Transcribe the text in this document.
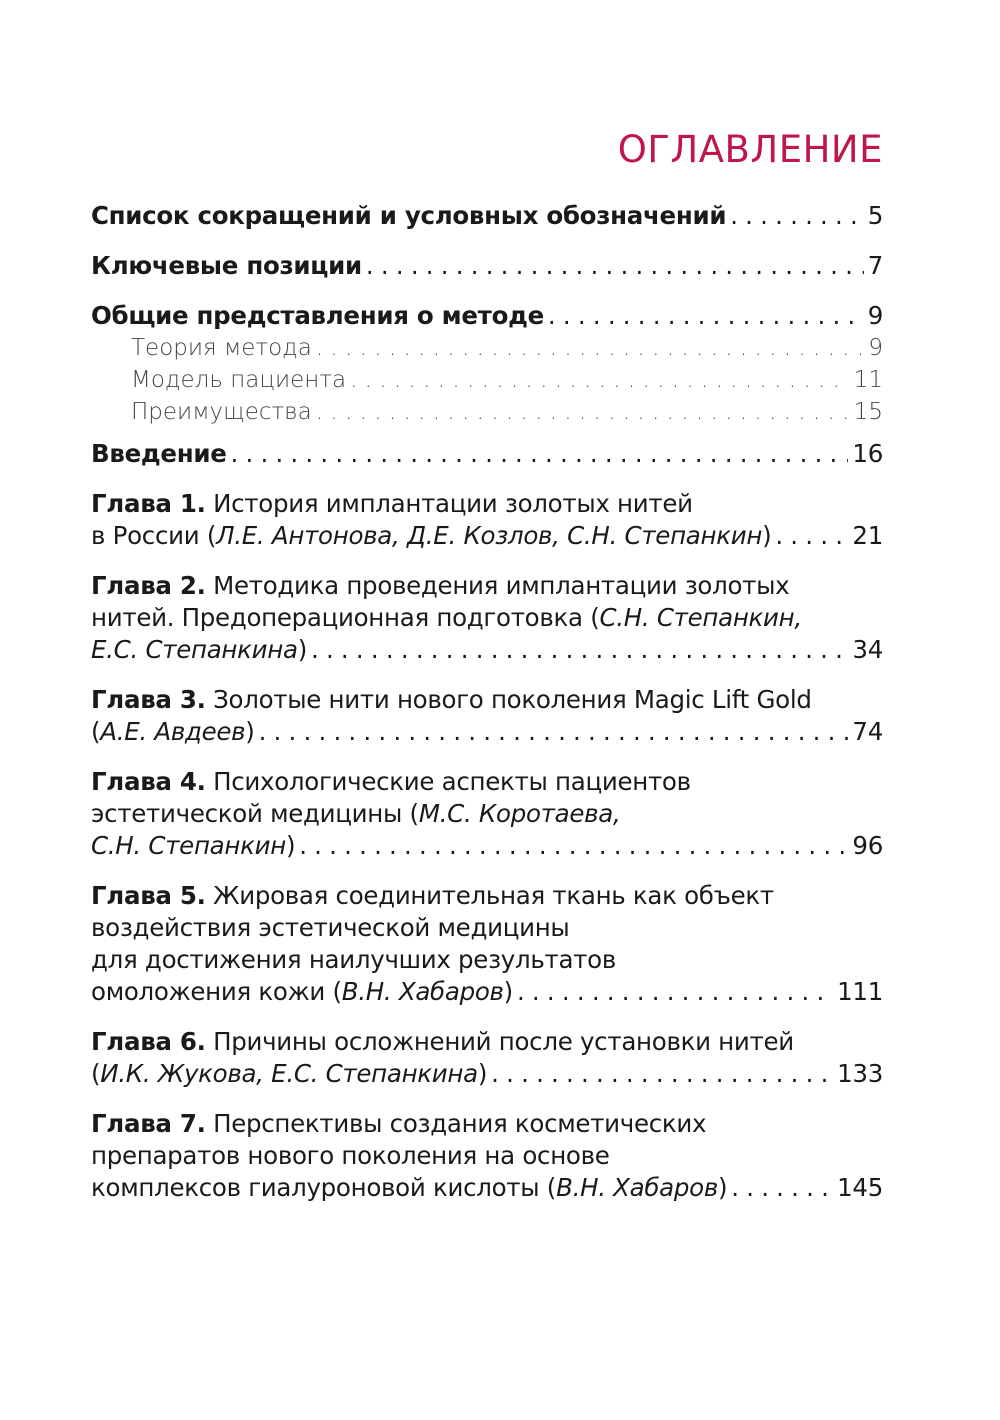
ОГЛАВЛЕНИЕ
Список сокращений и условных обозначений . . .	5
Ключевые позиции . . .	7
Общие представления о методе . . .	9
Теория метода . . .	9
Модель пациента . . .	11
Преимущества . . .	15
Введение . . .	16
Глава 1. История имплантации золотых нитей
в России (Л.Е. Антонова, Д.Е. Козлов, С.Н. Степанкин) . . .	21
Глава 2. Методика проведения имплантации золотых
нитей. Предоперационная подготовка (С.Н. Степанкин,
Е.С. Степанкина) . . .	34
Глава 3. Золотые нити нового поколения Magic Lift Gold
(А.Е. Авдеев) . . .	74
Глава 4. Психологические аспекты пациентов
эстетической медицины (М.С. Коротаева,
С.Н. Степанкин) . . .	96
Глава 5. Жировая соединительная ткань как объект
воздействия эстетической медицины
для достижения наилучших результатов
омоложения кожи (В.Н. Хабаров) . . .	111
Глава 6. Причины осложнений после установки нитей
(И.К. Жукова, Е.С. Степанкина) . . .	133
Глава 7. Перспективы создания косметических
препаратов нового поколения на основе
комплексов гиалуроновой кислоты (В.Н. Хабаров) . . .	145
